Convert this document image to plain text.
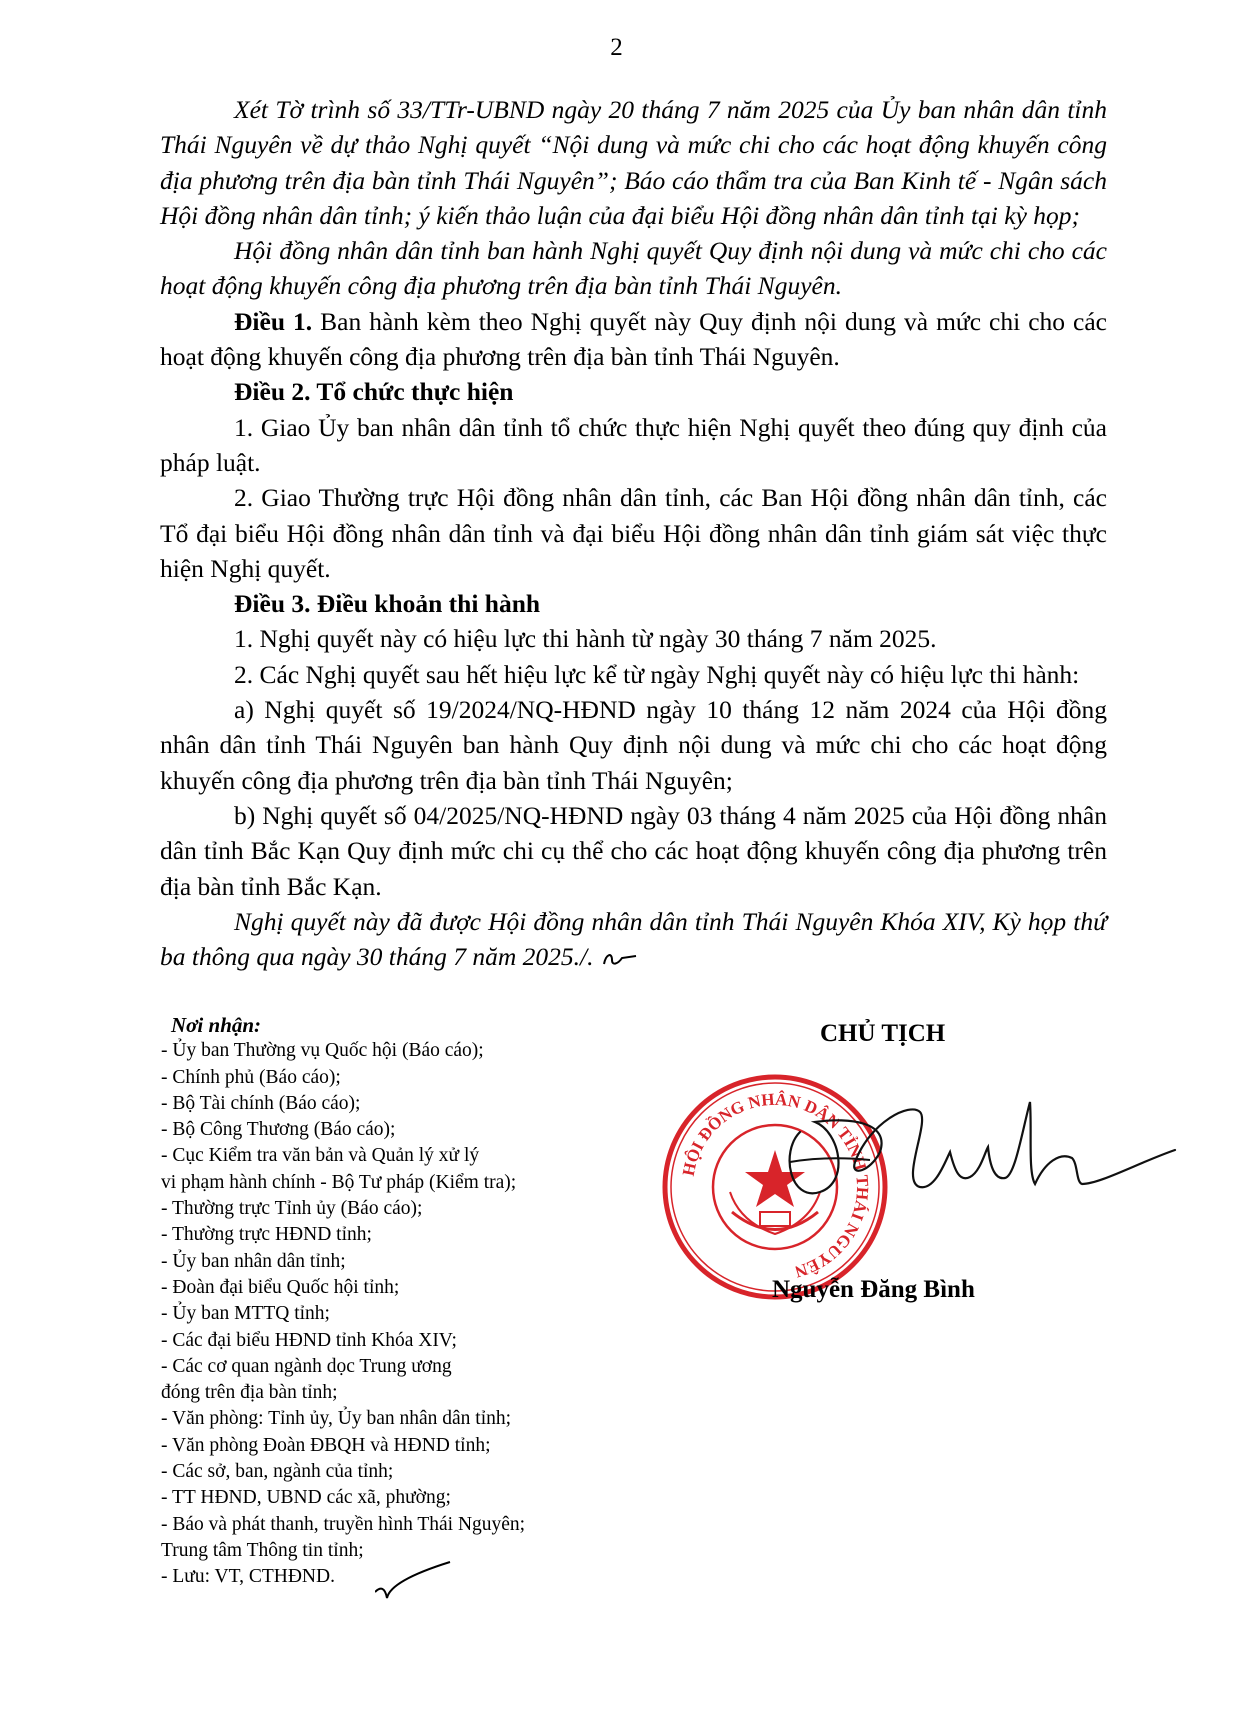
2

Xét Tờ trình số 33/TTr-UBND ngày 20 tháng 7 năm 2025 của Ủy ban nhân dân tỉnh Thái Nguyên về dự thảo Nghị quyết “Nội dung và mức chi cho các hoạt động khuyến công địa phương trên địa bàn tỉnh Thái Nguyên”; Báo cáo thẩm tra của Ban Kinh tế - Ngân sách Hội đồng nhân dân tỉnh; ý kiến thảo luận của đại biểu Hội đồng nhân dân tỉnh tại kỳ họp;

Hội đồng nhân dân tỉnh ban hành Nghị quyết Quy định nội dung và mức chi cho các hoạt động khuyến công địa phương trên địa bàn tỉnh Thái Nguyên.

Điều 1. Ban hành kèm theo Nghị quyết này Quy định nội dung và mức chi cho các hoạt động khuyến công địa phương trên địa bàn tỉnh Thái Nguyên.

Điều 2. Tổ chức thực hiện

1. Giao Ủy ban nhân dân tỉnh tổ chức thực hiện Nghị quyết theo đúng quy định của pháp luật.

2. Giao Thường trực Hội đồng nhân dân tỉnh, các Ban Hội đồng nhân dân tỉnh, các Tổ đại biểu Hội đồng nhân dân tỉnh và đại biểu Hội đồng nhân dân tỉnh giám sát việc thực hiện Nghị quyết.

Điều 3. Điều khoản thi hành

1. Nghị quyết này có hiệu lực thi hành từ ngày 30 tháng 7 năm 2025.

2. Các Nghị quyết sau hết hiệu lực kể từ ngày Nghị quyết này có hiệu lực thi hành:

a) Nghị quyết số 19/2024/NQ-HĐND ngày 10 tháng 12 năm 2024 của Hội đồng nhân dân tỉnh Thái Nguyên ban hành Quy định nội dung và mức chi cho các hoạt động khuyến công địa phương trên địa bàn tỉnh Thái Nguyên;

b) Nghị quyết số 04/2025/NQ-HĐND ngày 03 tháng 4 năm 2025 của Hội đồng nhân dân tỉnh Bắc Kạn Quy định mức chi cụ thể cho các hoạt động khuyến công địa phương trên địa bàn tỉnh Bắc Kạn.

Nghị quyết này đã được Hội đồng nhân dân tỉnh Thái Nguyên Khóa XIV, Kỳ họp thứ ba thông qua ngày 30 tháng 7 năm 2025./.

Nơi nhận:
- Ủy ban Thường vụ Quốc hội (Báo cáo);
- Chính phủ (Báo cáo);
- Bộ Tài chính (Báo cáo);
- Bộ Công Thương (Báo cáo);
- Cục Kiểm tra văn bản và Quản lý xử lý
vi phạm hành chính - Bộ Tư pháp (Kiểm tra);
- Thường trực Tỉnh ủy (Báo cáo);
- Thường trực HĐND tỉnh;
- Ủy ban nhân dân tỉnh;
- Đoàn đại biểu Quốc hội tỉnh;
- Ủy ban MTTQ tỉnh;
- Các đại biểu HĐND tỉnh Khóa XIV;
- Các cơ quan ngành dọc Trung ương
đóng trên địa bàn tỉnh;
- Văn phòng: Tỉnh ủy, Ủy ban nhân dân tỉnh;
- Văn phòng Đoàn ĐBQH và HĐND tỉnh;
- Các sở, ban, ngành của tỉnh;
- TT HĐND, UBND các xã, phường;
- Báo và phát thanh, truyền hình Thái Nguyên;
Trung tâm Thông tin tỉnh;
- Lưu: VT, CTHĐND.
CHỦ TỊCH
HỘI ĐỒNG NHÂN DÂN TỈNH THÁI NGUYÊN
Nguyễn Đăng Bình
